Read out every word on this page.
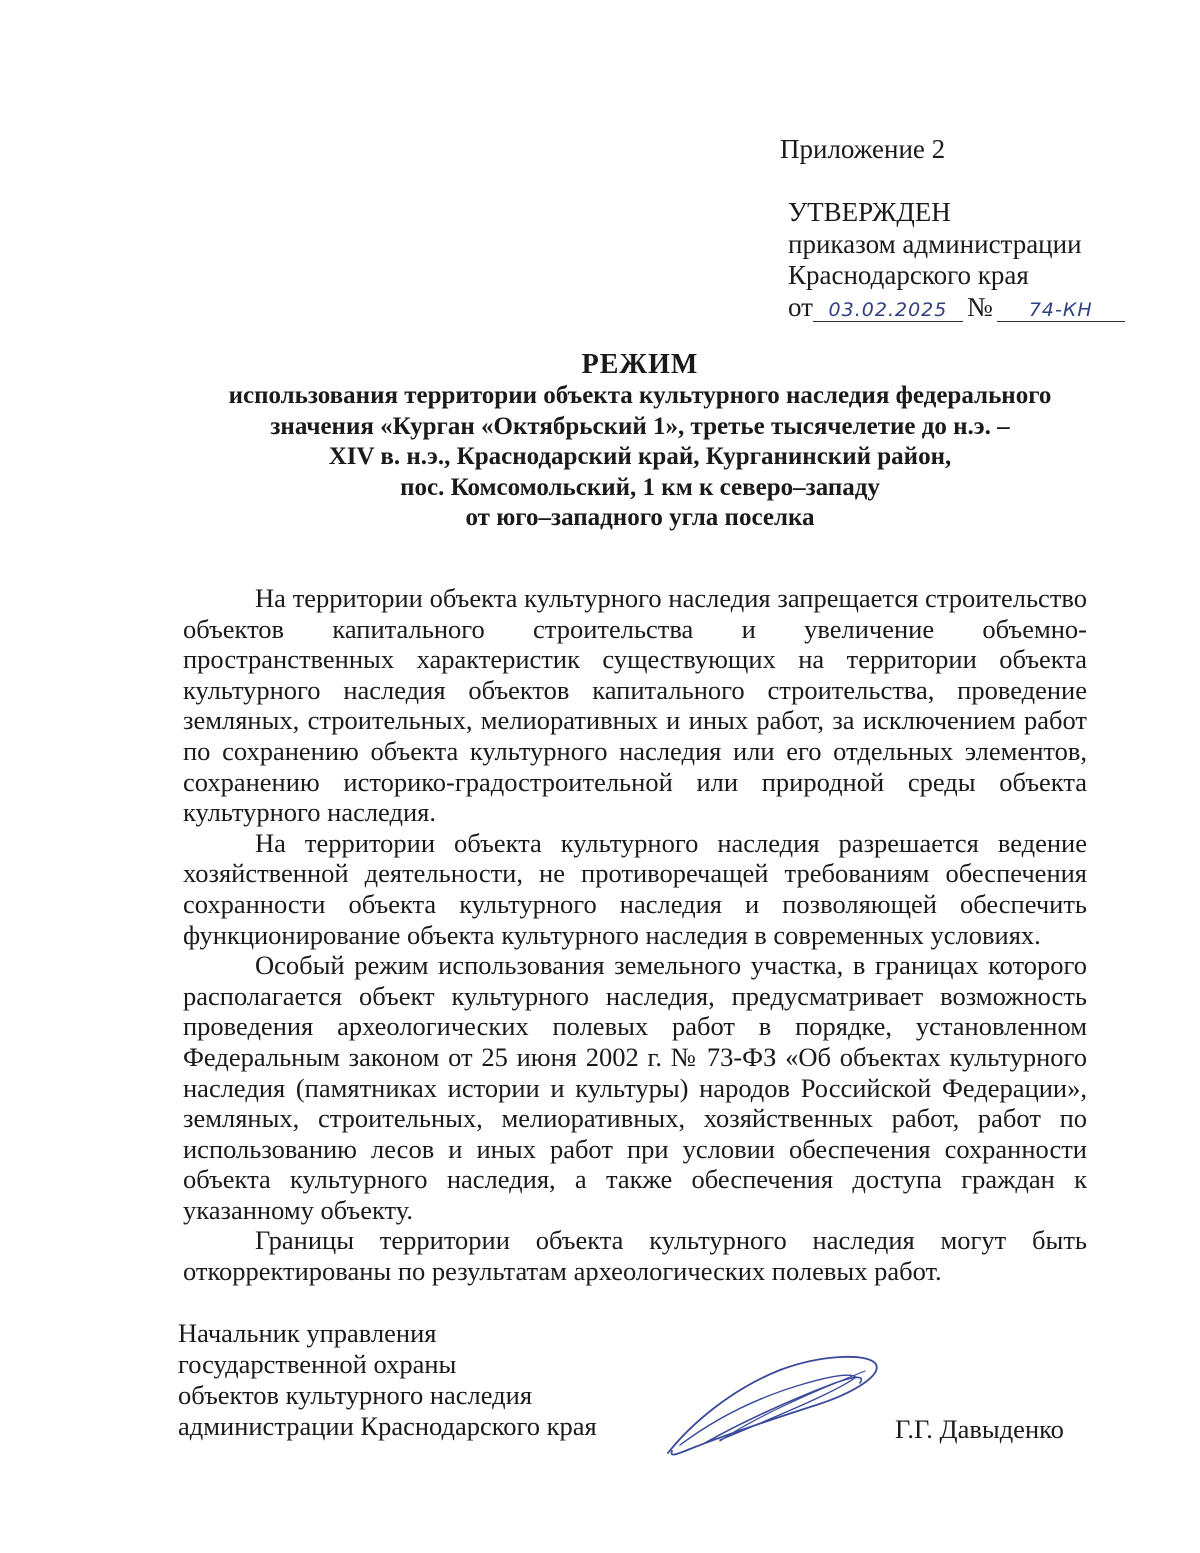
Приложение 2
УТВЕРЖДЕН
приказом администрации
Краснодарского края
от 03.02.2025 № 74-КН
РЕЖИМ
использования территории объекта культурного наследия федерального
значения «Курган «Октябрьский 1», третье тысячелетие до н.э. –
XIV в. н.э., Краснодарский край, Курганинский район,
пос. Комсомольский, 1 км к северо–западу
от юго–западного угла поселка

На территории объекта культурного наследия запрещается строительство объектов капитального строительства и увеличение объемно-пространственных характеристик существующих на территории объекта культурного наследия объектов капитального строительства, проведение земляных, строительных, мелиоративных и иных работ, за исключением работ по сохранению объекта культурного наследия или его отдельных элементов, сохранению историко-градостроительной или природной среды объекта культурного наследия.

На территории объекта культурного наследия разрешается ведение хозяйственной деятельности, не противоречащей требованиям обеспечения сохранности объекта культурного наследия и позволяющей обеспечить функционирование объекта культурного наследия в современных условиях.

Особый режим использования земельного участка, в границах которого располагается объект культурного наследия, предусматривает возможность проведения археологических полевых работ в порядке, установленном Федеральным законом от 25 июня 2002 г. № 73-ФЗ «Об объектах культурного наследия (памятниках истории и культуры) народов Российской Федерации», земляных, строительных, мелиоративных, хозяйственных работ, работ по использованию лесов и иных работ при условии обеспечения сохранности объекта культурного наследия, а также обеспечения доступа граждан к указанному объекту.

Границы территории объекта культурного наследия могут быть откорректированы по результатам археологических полевых работ.

Начальник управления
государственной охраны
объектов культурного наследия
администрации Краснодарского края	Г.Г. Давыденко
